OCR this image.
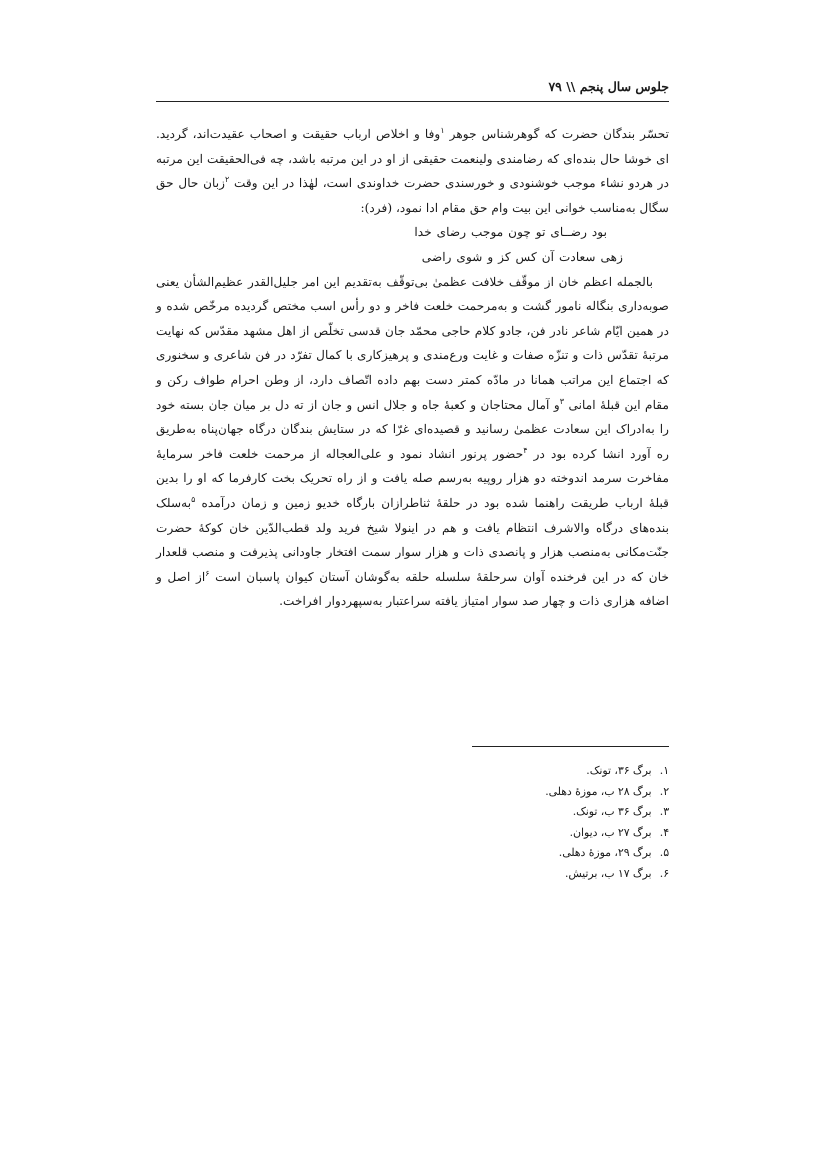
جلوس سال پنجم \\ ۷۹

تحسّر بندگان حضرت که گوهرشناس جوهر $^۱$وفا و اخلاص ارباب حقیقت و اصحاب عقیدت‌اند، گردید. ای خوشا حال بنده‌ای که رضامندی ولینعمت حقیقی از او در این مرتبه باشد، چه فی‌الحقیقت این مرتبه در هردو نشاء موجب خوشنودی و خورسندی حضرت خداوندی است، لهٰذا در این وقت $^۲$زبان حال حق سگال به‌مناسب خوانی این بیت وام حق مقام ادا نمود، (فرد):

بود رضــای تو چون موجب رضای خدا زهی سعادت آن کس کز و شوی راضی

بالجمله اعظم خان از موقّف خلافت عظمیٰ بی‌توقّف به‌تقدیم این امر جلیل‌القدر عظیم‌الشأن یعنی صوبه‌داری بنگاله نامور گشت و به‌مرحمت خلعت فاخر و دو رأس اسب مختص گردیده مرخّص شده و در همین ایّام شاعر نادر فن، جادو کلام حاجی محمّد جان قدسی تخلّص از اهل مشهد مقدّس که نهایت مرتبهٔ تقدّس ذات و تنزّه صفات و غایت ورع‌مندی و پرهیزکاری با کمال تفرّد در فن شاعری و سخنوری که اجتماع این مراتب همانا در مادّه کمتر دست بهم داده اتّصاف دارد، از وطن احرام طواف رکن و مقام این قبلهٔ امانی $^۳$و آمال محتاجان و کعبهٔ جاه و جلال انس و جان از ته دل بر میان جان بسته خود را به‌ادراک این سعادت عظمیٰ رسانید و قصیده‌ای غرّا که در ستایش بندگان درگاه جهان‌پناه به‌طریق ره آورد انشا کرده بود در $^۴$حضور پرنور انشاد نمود و علی‌العجاله از مرحمت خلعت فاخر سرمایهٔ مفاخرت سرمد اندوخته دو هزار روپیه به‌رسم صله یافت و از راه تحریک بخت کارفرما که او را بدین قبلهٔ ارباب طریقت راهنما شده بود در حلقهٔ ثناطرازان بارگاه خدیو زمین و زمان درآمده $^۵$به‌سلک بنده‌های درگاه والاشرف انتظام یافت و هم در اینولا شیخ فرید ولد قطب‌الدّین خان کوکهٔ حضرت جنّت‌مکانی به‌منصب هزار و پانصدی ذات و هزار سوار سمت افتخار جاودانی پذیرفت و منصب قلعدار خان که در این فرخنده آوان سرحلقهٔ سلسله حلقه به‌گوشان آستان کیوان پاسبان است $^۶$از اصل و اضافه هزاری ذات و چهار صد سوار امتیاز یافته سراعتبار به‌سپهردوار افراخت.

۱. برگ ۳۶، تونک.
۲. برگ ۲۸ ب، موزهٔ دهلی.
۳. برگ ۳۶ ب، تونک.
۴. برگ ۲۷ ب، دیوان.
۵. برگ ۲۹، موزهٔ دهلی.
۶. برگ ۱۷ ب، برتیش.
